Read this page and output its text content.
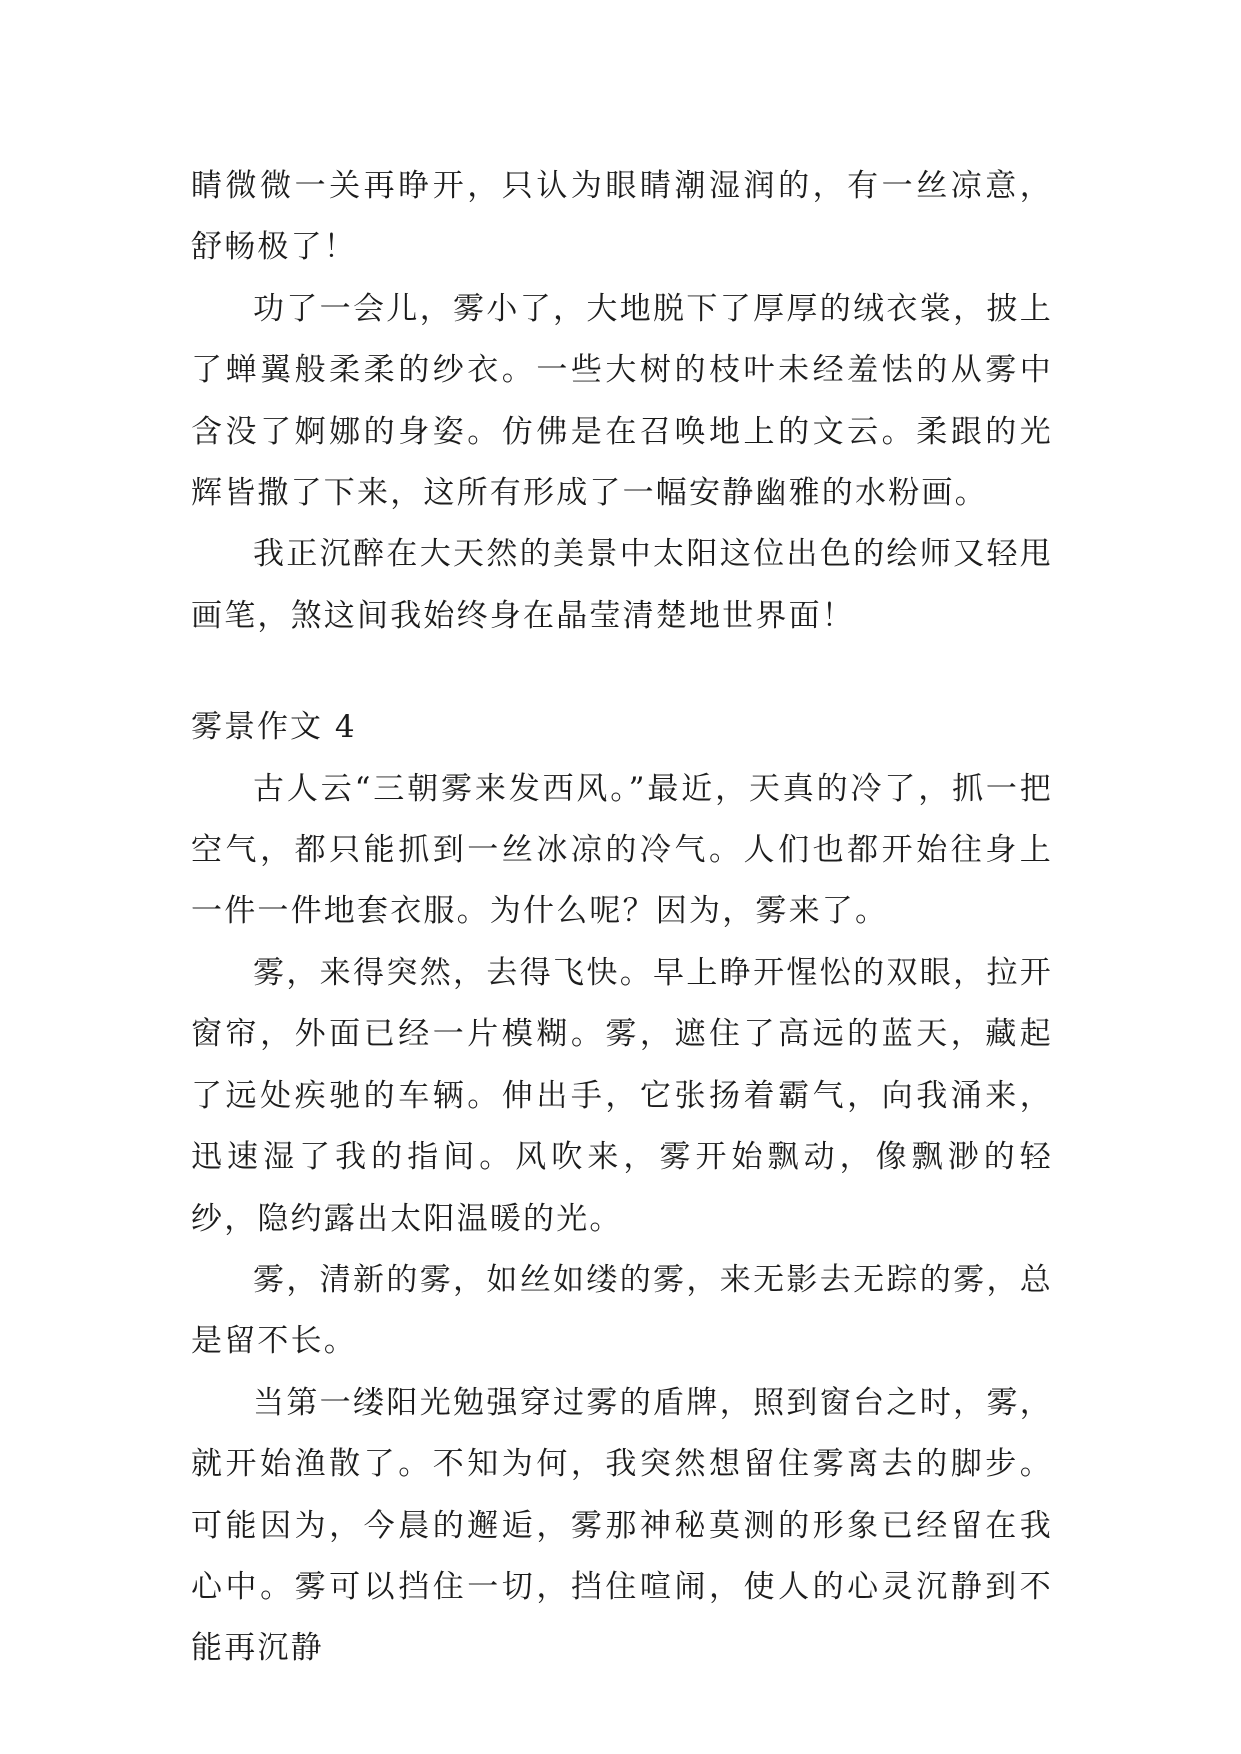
睛微微一关再睁开，只认为眼睛潮湿润的，有一丝凉意，舒畅极了！

功了一会儿，雾小了，大地脱下了厚厚的绒衣裳，披上了蝉翼般柔柔的纱衣。一些大树的枝叶未经羞怯的从雾中含没了婀娜的身姿。仿佛是在召唤地上的文云。柔跟的光辉皆撒了下来，这所有形成了一幅安静幽雅的水粉画。

我正沉醉在大天然的美景中太阳这位出色的绘师又轻甩画笔，煞这间我始终身在晶莹清楚地世界面！

雾景作文 4

古人云“三朝雾来发西风。”最近，天真的冷了，抓一把空气，都只能抓到一丝冰凉的冷气。人们也都开始往身上一件一件地套衣服。为什么呢？因为，雾来了。

雾，来得突然，去得飞快。早上睁开惺忪的双眼，拉开窗帘，外面已经一片模糊。雾，遮住了高远的蓝天，藏起了远处疾驰的车辆。伸出手，它张扬着霸气，向我涌来，迅速湿了我的指间。风吹来，雾开始飘动，像飘渺的轻纱，隐约露出太阳温暖的光。

雾，清新的雾，如丝如缕的雾，来无影去无踪的雾，总是留不长。

当第一缕阳光勉强穿过雾的盾牌，照到窗台之时，雾，就开始渔散了。不知为何，我突然想留住雾离去的脚步。可能因为，今晨的邂逅，雾那神秘莫测的形象已经留在我心中。雾可以挡住一切，挡住喧闹，使人的心灵沉静到不能再沉静
